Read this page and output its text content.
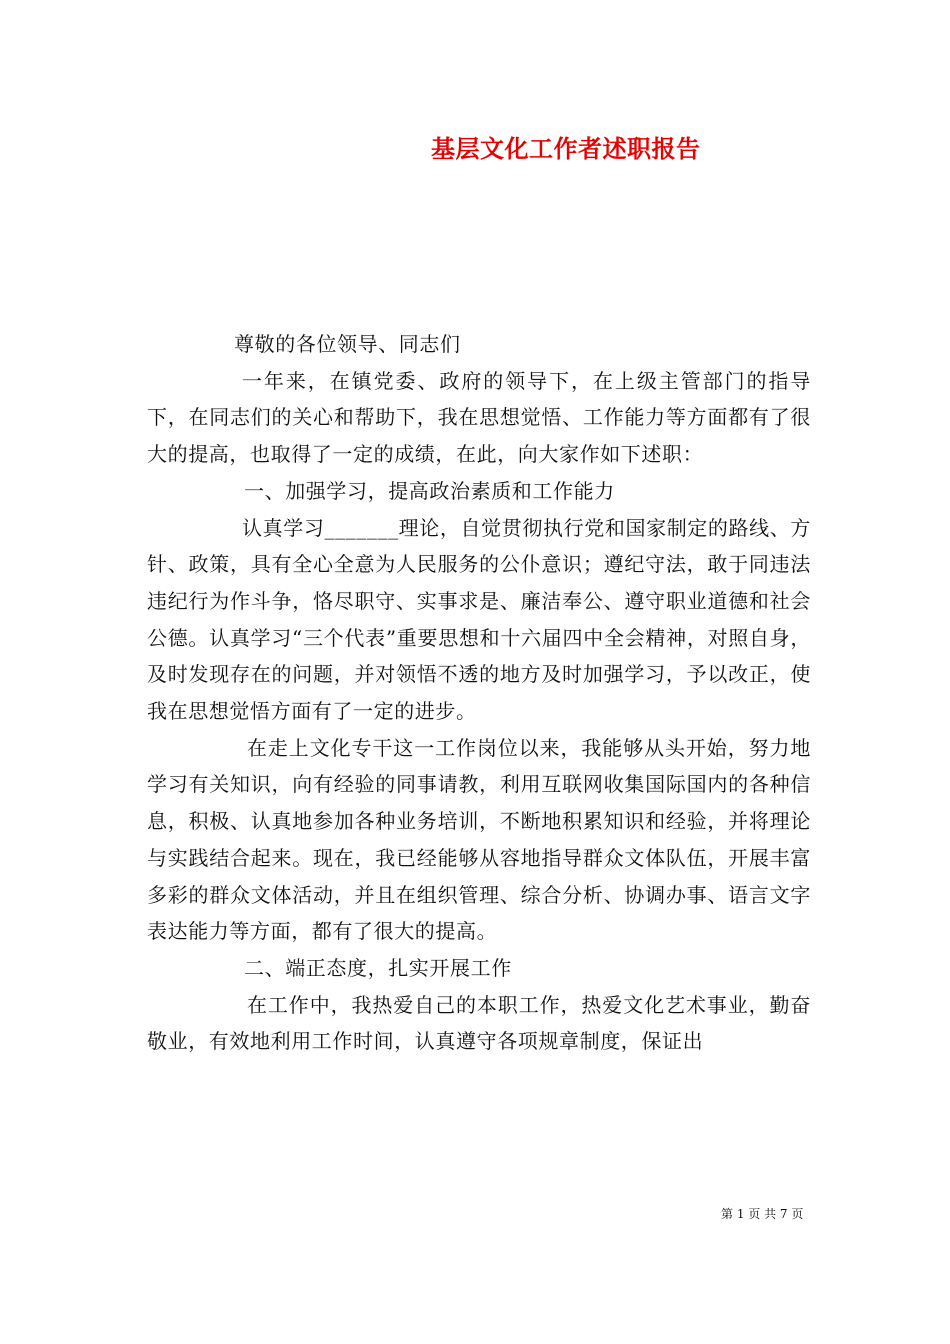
基层文化工作者述职报告

尊敬的各位领导、同志们

一年来，在镇党委、政府的领导下，在上级主管部门的指导下，在同志们的关心和帮助下，我在思想觉悟、工作能力等方面都有了很大的提高，也取得了一定的成绩，在此，向大家作如下述职：

一、加强学习，提高政治素质和工作能力

认真学习_______理论，自觉贯彻执行党和国家制定的路线、方针、政策，具有全心全意为人民服务的公仆意识；遵纪守法，敢于同违法违纪行为作斗争，恪尽职守、实事求是、廉洁奉公、遵守职业道德和社会公德。认真学习“三个代表”重要思想和十六届四中全会精神，对照自身，及时发现存在的问题，并对领悟不透的地方及时加强学习，予以改正，使我在思想觉悟方面有了一定的进步。

在走上文化专干这一工作岗位以来，我能够从头开始，努力地学习有关知识，向有经验的同事请教，利用互联网收集国际国内的各种信息，积极、认真地参加各种业务培训，不断地积累知识和经验，并将理论与实践结合起来。现在，我已经能够从容地指导群众文体队伍，开展丰富多彩的群众文体活动，并且在组织管理、综合分析、协调办事、语言文字表达能力等方面，都有了很大的提高。

二、端正态度，扎实开展工作

在工作中，我热爱自己的本职工作，热爱文化艺术事业，勤奋敬业，有效地利用工作时间，认真遵守各项规章制度，保证出

第 1 页 共 7 页
